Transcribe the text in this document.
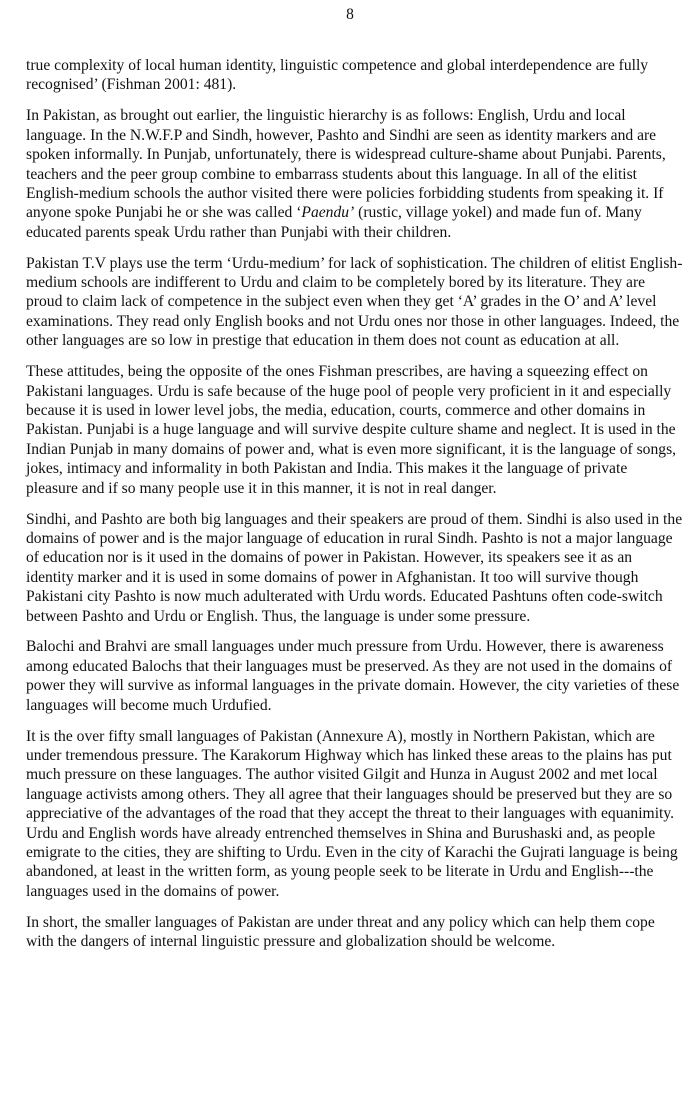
8

true complexity of local human identity, linguistic competence and global interdependence are fully recognised’ (Fishman 2001: 481).

In Pakistan, as brought out earlier, the linguistic hierarchy is as follows: English, Urdu and local language. In the N.W.F.P and Sindh, however, Pashto and Sindhi are seen as identity markers and are spoken informally. In Punjab, unfortunately, there is widespread culture-shame about Punjabi. Parents, teachers and the peer group combine to embarrass students about this language. In all of the elitist English-medium schools the author visited there were policies forbidding students from speaking it. If anyone spoke Punjabi he or she was called ‘Paendu’ (rustic, village yokel) and made fun of. Many educated parents speak Urdu rather than Punjabi with their children.

Pakistan T.V plays use the term ‘Urdu-medium’ for lack of sophistication. The children of elitist English-medium schools are indifferent to Urdu and claim to be completely bored by its literature. They are proud to claim lack of competence in the subject even when they get ‘A’ grades in the O’ and A’ level examinations. They read only English books and not Urdu ones nor those in other languages. Indeed, the other languages are so low in prestige that education in them does not count as education at all.

These attitudes, being the opposite of the ones Fishman prescribes, are having a squeezing effect on Pakistani languages. Urdu is safe because of the huge pool of people very proficient in it and especially because it is used in lower level jobs, the media, education, courts, commerce and other domains in Pakistan. Punjabi is a huge language and will survive despite culture shame and neglect. It is used in the Indian Punjab in many domains of power and, what is even more significant, it is the language of songs, jokes, intimacy and informality in both Pakistan and India. This makes it the language of private pleasure and if so many people use it in this manner, it is not in real danger.

Sindhi, and Pashto are both big languages and their speakers are proud of them. Sindhi is also used in the domains of power and is the major language of education in rural Sindh. Pashto is not a major language of education nor is it used in the domains of power in Pakistan. However, its speakers see it as an identity marker and it is used in some domains of power in Afghanistan. It too will survive though Pakistani city Pashto is now much adulterated with Urdu words. Educated Pashtuns often code-switch between Pashto and Urdu or English. Thus, the language is under some pressure.

Balochi and Brahvi are small languages under much pressure from Urdu. However, there is awareness among educated Balochs that their languages must be preserved. As they are not used in the domains of power they will survive as informal languages in the private domain. However, the city varieties of these languages will become much Urdufied.

It is the over fifty small languages of Pakistan (Annexure A), mostly in Northern Pakistan, which are under tremendous pressure. The Karakorum Highway which has linked these areas to the plains has put much pressure on these languages. The author visited Gilgit and Hunza in August 2002 and met local language activists among others. They all agree that their languages should be preserved but they are so appreciative of the advantages of the road that they accept the threat to their languages with equanimity. Urdu and English words have already entrenched themselves in Shina and Burushaski and, as people emigrate to the cities, they are shifting to Urdu. Even in the city of Karachi the Gujrati language is being abandoned, at least in the written form, as young people seek to be literate in Urdu and English---the languages used in the domains of power.

In short, the smaller languages of Pakistan are under threat and any policy which can help them cope with the dangers of internal linguistic pressure and globalization should be welcome.
